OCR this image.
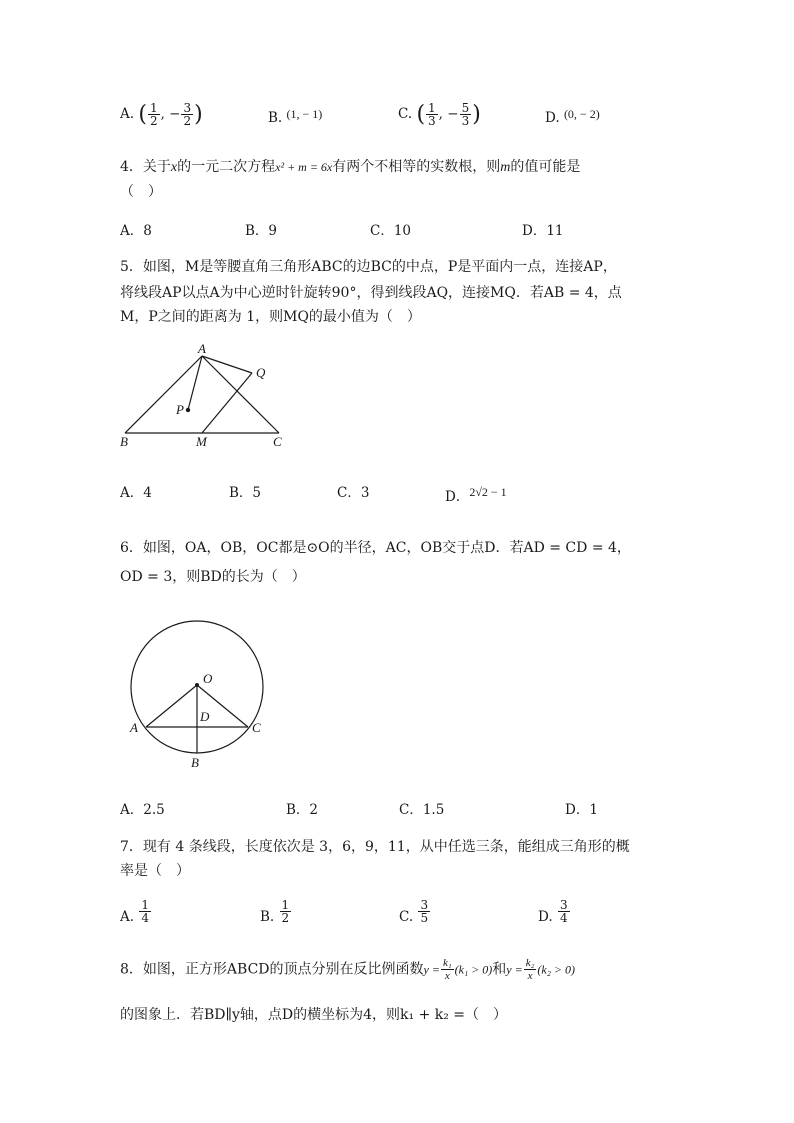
A. ( $\frac{1}{2}$ , − $\frac{3}{2}$ )	B. (1, − 1)	C. ( $\frac{1}{3}$ , − $\frac{5}{3}$ )	D. (0, − 2)
4．关于x的一元二次方程x² + m = 6x有两个不相等的实数根，则m的值可能是
（　）
A．8	B．9	C．10	D．11
5．如图，M是等腰直角三角形ABC的边BC的中点，P是平面内一点，连接AP，
将线段AP以点A为中心逆时针旋转90°，得到线段AQ，连接MQ．若AB = 4，点
M，P之间的距离为 1，则MQ的最小值为（　）
A
Q
P
B	M	C
A．4	B．5	C．3	D．2√2 − 1
6．如图，OA，OB，OC都是⊙O的半径，AC，OB交于点D．若AD = CD = 4，
OD = 3，则BD的长为（　）
O
D
A	C
B
A．2.5	B．2	C．1.5	D．1
7．现有 4 条线段，长度依次是 3，6，9，11，从中任选三条，能组成三角形的概
率是（　）
A. $\frac{1}{4}$	B. $\frac{1}{2}$	C. $\frac{3}{5}$	D. $\frac{3}{4}$
8．如图，正方形ABCD的顶点分别在反比例函数$y = \frac{\text{k₁}}{x} (k_1 > 0)$和$y = \frac{\text{k₂}}{x} (k_2 > 0)$
的图象上．若BD∥y轴，点D的横坐标为4，则k₁ + k₂ =（　）
